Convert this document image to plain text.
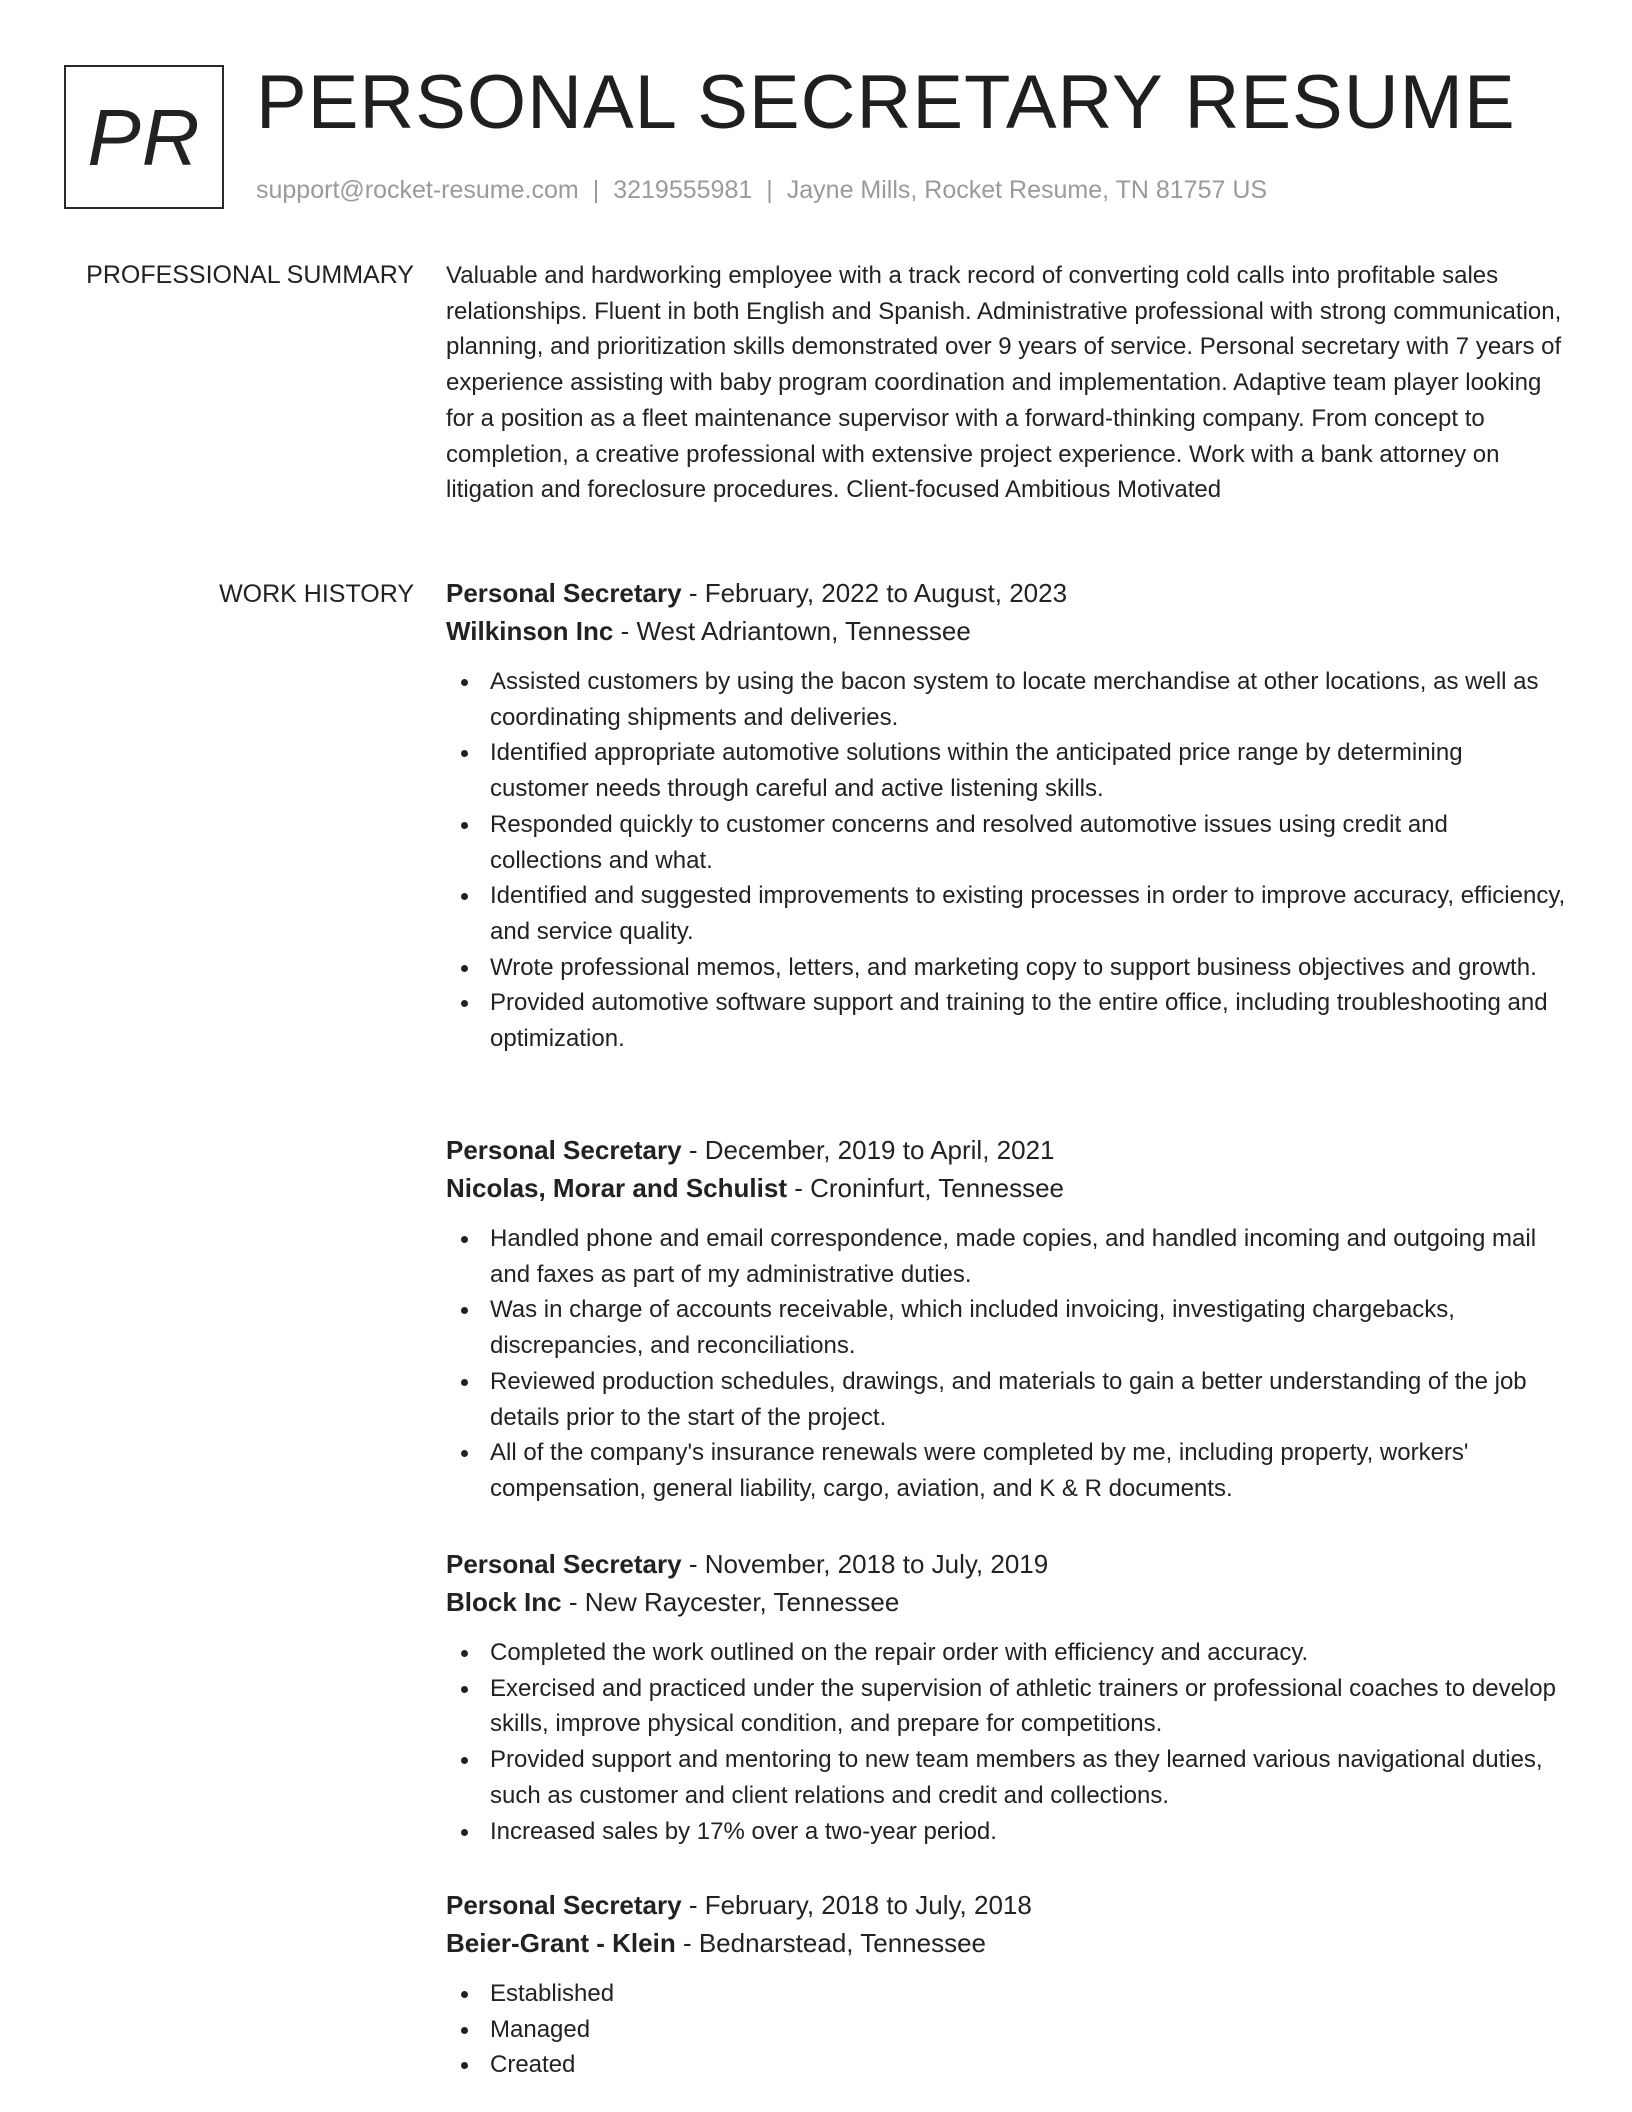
PR PERSONAL SECRETARY RESUME
support@rocket-resume.com | 3219555981 | Jayne Mills, Rocket Resume, TN 81757 US
PROFESSIONAL SUMMARY Valuable and hardworking employee with a track record of converting cold calls into profitable sales relationships. Fluent in both English and Spanish. Administrative professional with strong communication, planning, and prioritization skills demonstrated over 9 years of service. Personal secretary with 7 years of experience assisting with baby program coordination and implementation. Adaptive team player looking for a position as a fleet maintenance supervisor with a forward-thinking company. From concept to completion, a creative professional with extensive project experience. Work with a bank attorney on litigation and foreclosure procedures. Client-focused Ambitious Motivated

WORK HISTORY Personal Secretary - February, 2022 to August, 2023
Wilkinson Inc - West Adriantown, Tennessee
Assisted customers by using the bacon system to locate merchandise at other locations, as well as coordinating shipments and deliveries.
Identified appropriate automotive solutions within the anticipated price range by determining customer needs through careful and active listening skills.
Responded quickly to customer concerns and resolved automotive issues using credit and collections and what.
Identified and suggested improvements to existing processes in order to improve accuracy, efficiency, and service quality.
Wrote professional memos, letters, and marketing copy to support business objectives and growth.
Provided automotive software support and training to the entire office, including troubleshooting and optimization.
Personal Secretary - December, 2019 to April, 2021
Nicolas, Morar and Schulist - Croninfurt, Tennessee
Handled phone and email correspondence, made copies, and handled incoming and outgoing mail and faxes as part of my administrative duties.
Was in charge of accounts receivable, which included invoicing, investigating chargebacks, discrepancies, and reconciliations.
Reviewed production schedules, drawings, and materials to gain a better understanding of the job details prior to the start of the project.
All of the company's insurance renewals were completed by me, including property, workers' compensation, general liability, cargo, aviation, and K & R documents.
Personal Secretary - November, 2018 to July, 2019
Block Inc - New Raycester, Tennessee
Completed the work outlined on the repair order with efficiency and accuracy.
Exercised and practiced under the supervision of athletic trainers or professional coaches to develop skills, improve physical condition, and prepare for competitions.
Provided support and mentoring to new team members as they learned various navigational duties, such as customer and client relations and credit and collections.
Increased sales by 17% over a two-year period.
Personal Secretary - February, 2018 to July, 2018
Beier-Grant - Klein - Bednarstead, Tennessee
Established
Managed
Created
